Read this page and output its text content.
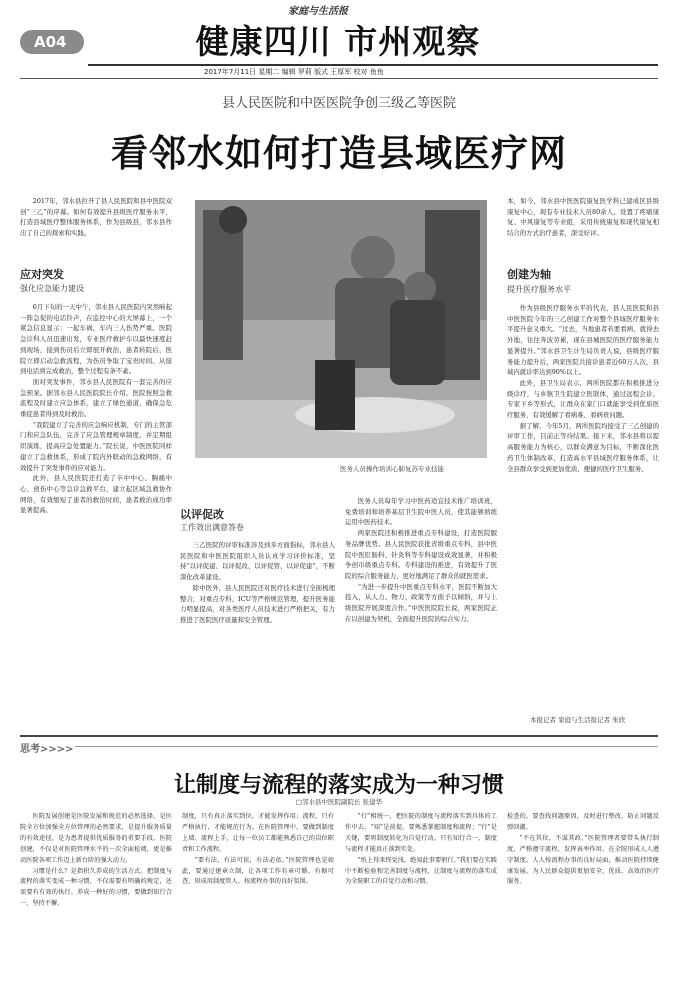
A04
家庭与生活报
健康四川 市州观察
2017年7月11日 星期二 编辑 罗莉 版式 王厚军 校对 鱼鱼
县人民医院和中医医院争创三级乙等医院
看邻水如何打造县域医疗网
2017年，邻水县拉开了县人民医院和县中医院双创“三乙”的序幕。如何有效提升县级医疗服务水平，打造县域医疗整体服务体系，作为县级县，邻水县作出了自己的探索和实践。
应对突发
强化应急能力建设

6月下旬的一天中午，邻水县人民医院内突然响起一阵急促的电话铃声，在监控中心的大屏幕上，一个紧急信息显示：一起车祸，车内三人伤势严重。医院急诊科人员迅速出发，专业医疗救护车以最快速度赶到现场，接到伤员后立即展开救治，患者转院后，医院立即启动急救流程，为伤员争取了宝贵时间。从接到电话到完成救治，整个过程有条不紊。

面对突发事件，邻水县人民医院有一套完善的应急预案。据邻水县人民医院院长介绍，医院按照急救流程及时建立应急体系，建立了绿色通道，确保急危重症患者得到及时救治。

“我院建立了完善的应急响应机制，专门的主管部门和应急队伍，完善了应急管理规章制度，并定期组织演练，提高应急处置能力。”院长说，中医医院同样建立了急救体系，形成了院内外联动的急救网络，有效提升了突发事件的应对能力。

此外，县人民医院还打造了卒中中心、胸痛中心、创伤中心等急诊急救平台，建立起区域急救协作网络，有效缩短了患者的救治时间，患者救治成功率显著提高。

医务人员操作培训心肺复苏专业技能
以评促改
工作效出满意答卷

三乙医院的评审标准涉及到多方面指标，邻水县人民医院和中医医院组织人员认真学习评价标准，坚持“以评促建、以评促改、以评促管、以评促建”，不断深化改革建设。

除中医外，县人民医院还对医疗技术进行全面梳理整合，对重点专科、ICU等严格规范管理，提升医务能力明显提高，对各类医疗人员技术进行严格把关，有力推进了医院医疗质量和安全管理。

医务人员每年学习中医药适宜技术推广培训班，免费培训和培养基层卫生院中医人员，使其能够熟练运用中医药技术。

两家医院还积极推进重点专科建设，打造医院服务品牌优势。县人民医院获批省级重点专科，县中医院中医肛肠科、针灸科等专科建设成效显著，并积极争创市级重点专科。专科建设的推进，有效提升了医院的综合服务能力，更好地满足了群众的就医需求。

“为进一步提升中医重点专科水平，医院不断加大投入，从人力、物力、政策等方面予以倾斜，并与上级医院开展深度合作。”中医医院院长说，两家医院正在以创建为契机，全面提升医院的综合实力。

本，如今，邻水县中医医院康复医学科已建成区县级康复中心，现有专业技术人员80余人，设置了疼痛康复、中风康复等专业组，采用传统康复和现代康复相结合的方式治疗患者，深受好评。

创建为轴
提升医疗服务水平

作为县级医疗服务水平的代表，县人民医院和县中医医院今年的三乙创建工作对整个县域医疗服务水平提升意义重大。“过去，当地患者若要看病，就得去外地，往往奔波劳累，现在县城医院的医疗服务能力显著提升。”邻水县卫生计生局负责人说，县级医疗服务能力提升后，两家医院共接诊患者近60万人次，县域内就诊率达到90%以上。

此外，县卫生局表示，两所医院都在积极推进分级诊疗，与乡镇卫生院建立医联体，通过远程会诊、专家下乡等形式，让群众在家门口就能享受到优质医疗服务，有效缓解了看病难、看病贵问题。

据了解，今年5月，两所医院均接受了三乙创建的评审工作，目前正等待结果。接下来，邻水县将以提高服务能力为核心，以群众满意为目标，不断深化医药卫生体制改革，打造高水平县域医疗服务体系，让全县群众享受到更加优质、便捷的医疗卫生服务。

本报记者 家庭与生活报记者 朱欣
思考>>>>
让制度与流程的落实成为一种习惯
□邻水县中医院副院长 张建华

医院发展创建是医院发展和规范的必然选择，是医院全方位加强全方位管理的必然要求，是提升服务质量的有效途径，是为患者提供优质服务的重要手段。医院创建，不仅是对医院管理水平的一次全面检阅，更是推动医院各项工作迈上新台阶的强大动力。

习惯是什么？是指积久养成的生活方式。把制度与流程的落实变成一种习惯，不仅需要有明确的规定，还需要有有效的执行。养成一种好的习惯，要做到知行合一，坚持不懈。

制度，只有真正落实到位，才能发挥作用；流程，只有严格执行，才能规范行为。在医院管理中，要做到制度上墙、流程上手，让每一位员工都能熟悉自己的岗位职责和工作流程。

“要有法，有法可依，有法必依。”医院管理也是如此，要通过建章立制，让各项工作有章可循、有据可查，形成用制度管人、按流程办事的良好氛围。

“行”相统一，把医院的制度与流程落实到具体的工作中去。“知”是前提，要熟悉掌握制度和流程；“行”是关键，要将制度转化为自觉行动。只有知行合一，制度与流程才能真正落到实处。

“纸上得来终觉浅，绝知此事要躬行。”我们要在实践中不断检验和完善制度与流程，让制度与流程的落实成为全院职工的自觉行动和习惯。

检查的，要查找问题原因，及时进行整改，防止问题反弹回潮。

“不在其位，不谋其政。”医院管理者要带头执行制度，严格遵守流程，发挥表率作用，在全院形成人人遵守制度、人人按流程办事的良好局面，推动医院持续健康发展，为人民群众提供更加安全、优质、高效的医疗服务。
